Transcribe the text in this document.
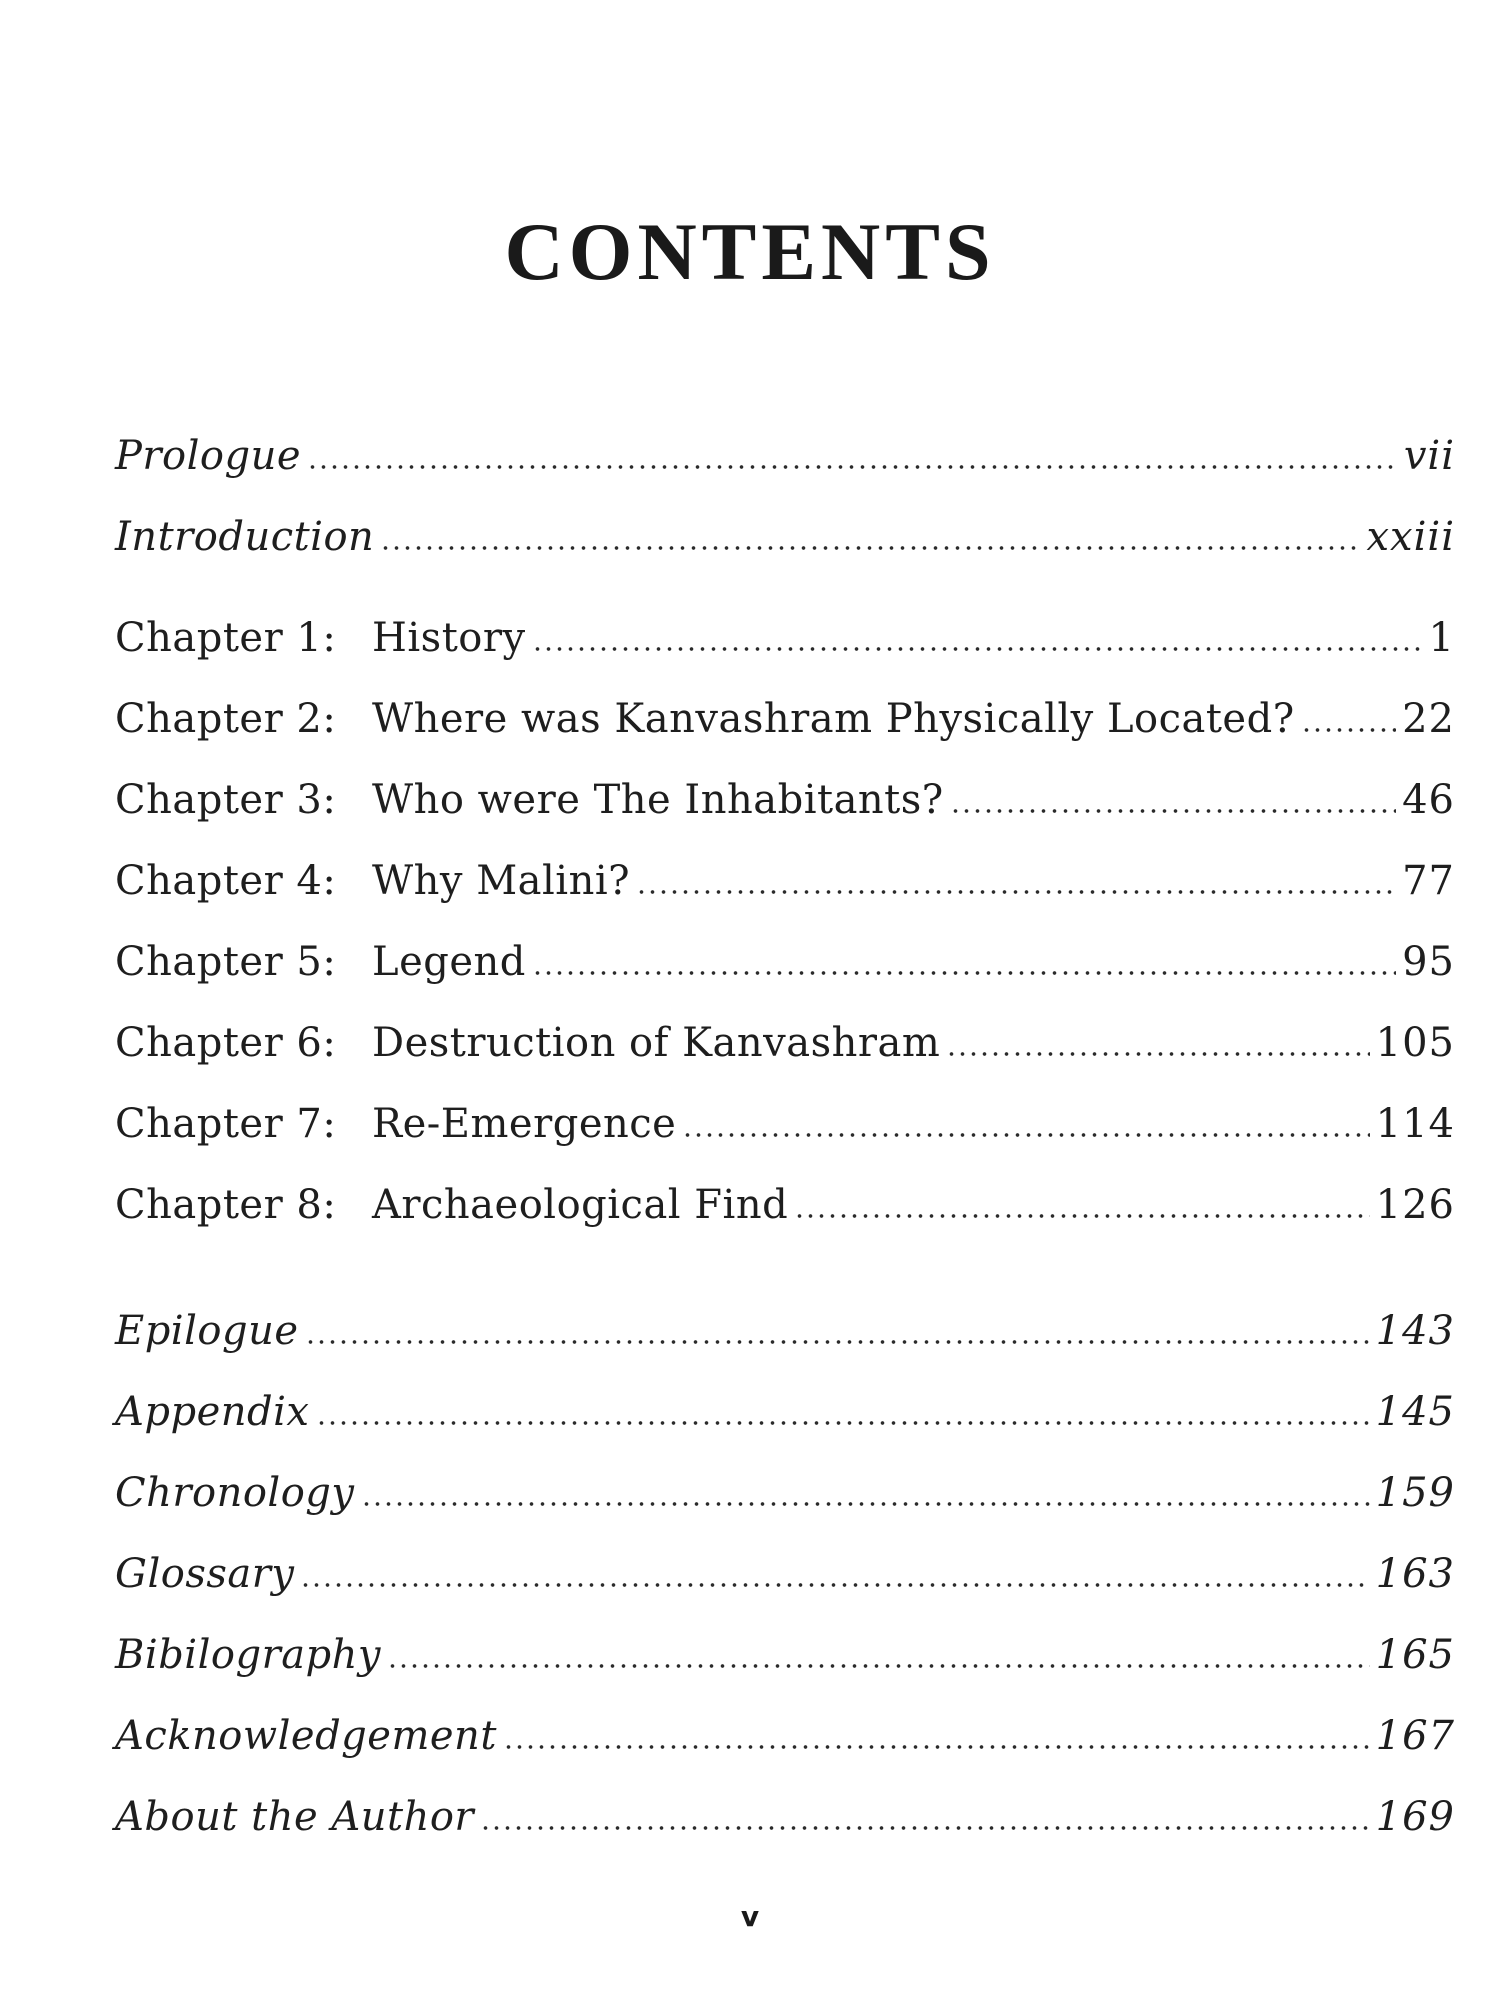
CONTENTS
Prologue	vii
Introduction	xxiii
Chapter 1: History	1
Chapter 2: Where was Kanvashram Physically Located?	22
Chapter 3: Who were The Inhabitants?	46
Chapter 4: Why Malini?	77
Chapter 5: Legend	95
Chapter 6: Destruction of Kanvashram	105
Chapter 7: Re-Emergence	114
Chapter 8: Archaeological Find	126
Epilogue	143
Appendix	145
Chronology	159
Glossary	163
Bibilography	165
Acknowledgement	167
About the Author	169
v
